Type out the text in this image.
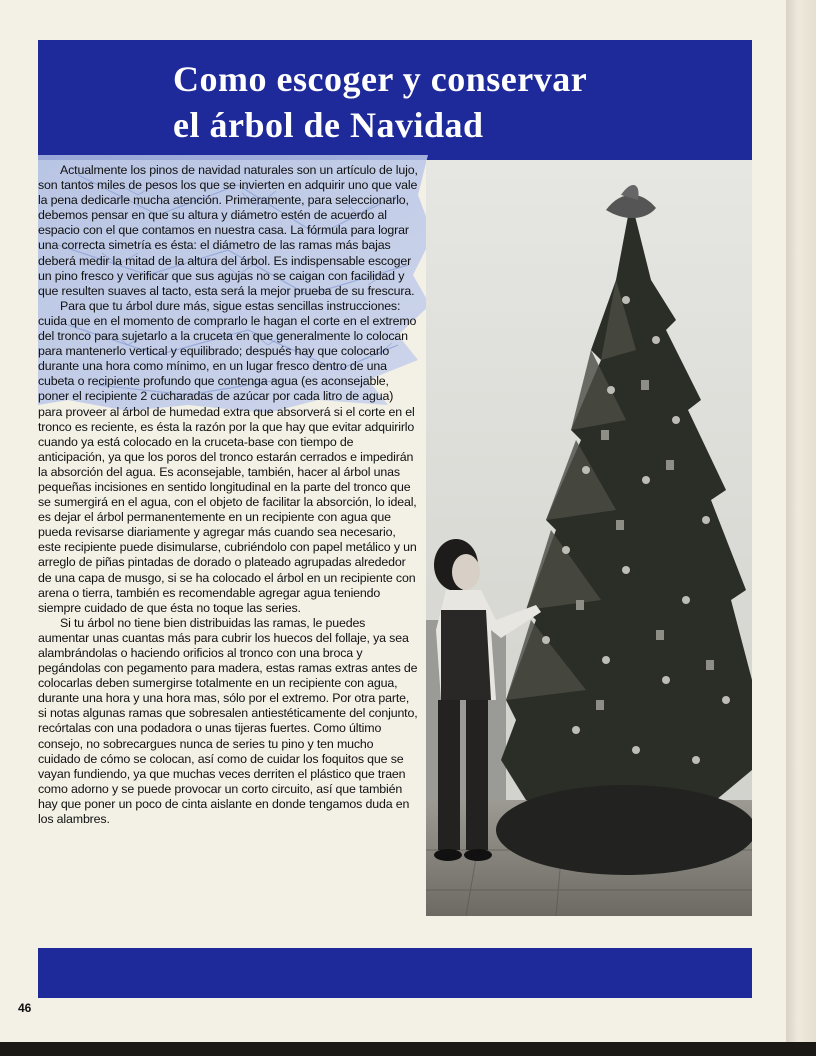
Como escoger y conservar
el árbol de Navidad

Actualmente los pinos de navidad naturales son un artículo de lujo, son tantos miles de pesos los que se invierten en adquirir uno que vale la pena dedicarle mucha atención. Primeramente, para seleccionarlo, debemos pensar en que su altura y diámetro estén de acuerdo al espacio con el que contamos en nuestra casa. La fórmula para lograr una correcta simetría es ésta: el diámetro de las ramas más bajas deberá medir la mitad de la altura del árbol. Es indispensable escoger un pino fresco y verificar que sus agujas no se caigan con facilidad y que resulten suaves al tacto, esta será la mejor prueba de su frescura.

Para que tu árbol dure más, sigue estas sencillas instrucciones: cuida que en el momento de comprarlo le hagan el corte en el extremo del tronco para sujetarlo a la cruceta en que generalmente lo colocan para mantenerlo vertical y equilibrado; después hay que colocarlo durante una hora como mínimo, en un lugar fresco dentro de una cubeta o recipiente profundo que contenga agua (es aconsejable, poner el recipiente 2 cucharadas de azúcar por cada litro de agua) para proveer al árbol de humedad extra que absorverá si el corte en el tronco es reciente, es ésta la razón por la que hay que evitar adquirirlo cuando ya está colocado en la cruceta-base con tiempo de anticipación, ya que los poros del tronco estarán cerrados e impedirán la absorción del agua. Es aconsejable, también, hacer al árbol unas pequeñas incisiones en sentido longitudinal en la parte del tronco que se sumergirá en el agua, con el objeto de facilitar la absorción, lo ideal, es dejar el árbol permanentemente en un recipiente con agua que pueda revisarse diariamente y agregar más cuando sea necesario, este recipiente puede disimularse, cubriéndolo con papel metálico y un arreglo de piñas pintadas de dorado o plateado agrupadas alrededor de una capa de musgo, si se ha colocado el árbol en un recipiente con arena o tierra, también es recomendable agregar agua teniendo siempre cuidado de que ésta no toque las series.

Si tu árbol no tiene bien distribuidas las ramas, le puedes aumentar unas cuantas más para cubrir los huecos del follaje, ya sea alambrándolas o haciendo orificios al tronco con una broca y pegándolas con pegamento para madera, estas ramas extras antes de colocarlas deben sumergirse totalmente en un recipiente con agua, durante una hora y una hora mas, sólo por el extremo. Por otra parte, si notas algunas ramas que sobresalen antiestéticamente del conjunto, recórtalas con una podadora o unas tijeras fuertes. Como último consejo, no sobrecargues nunca de series tu pino y ten mucho cuidado de cómo se colocan, así como de cuidar los foquitos que se vayan fundiendo, ya que muchas veces derriten el plástico que traen como adorno y se puede provocar un corto circuito, así que también hay que poner un poco de cinta aislante en donde tengamos duda en los alambres.

46
